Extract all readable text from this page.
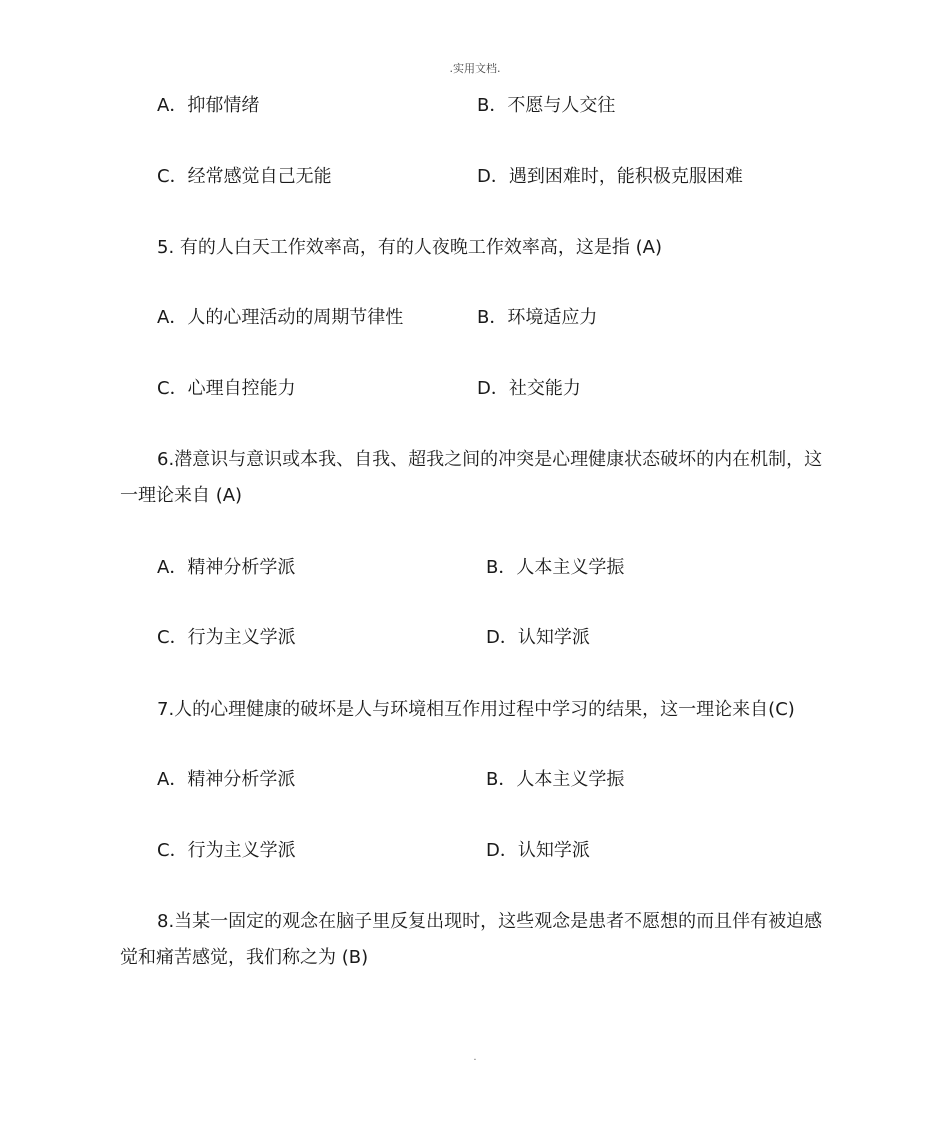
.实用文档.
A．抑郁情绪	B．不愿与人交往
C．经常感觉自己无能	D．遇到困难时，能积极克服困难
5. 有的人白天工作效率高，有的人夜晚工作效率高，这是指 (A)
A．人的心理活动的周期节律性	B．环境适应力
C．心理自控能力	D．社交能力
6.潜意识与意识或本我、自我、超我之间的冲突是心理健康状态破坏的内在机制，这一理论来自 (A)
A．精神分析学派	B．人本主义学振
C．行为主义学派	D．认知学派
7.人的心理健康的破坏是人与环境相互作用过程中学习的结果，这一理论来自(C)
A．精神分析学派	B．人本主义学振
C．行为主义学派	D．认知学派
8.当某一固定的观念在脑子里反复出现时，这些观念是患者不愿想的而且伴有被迫感觉和痛苦感觉，我们称之为 (B)
.
